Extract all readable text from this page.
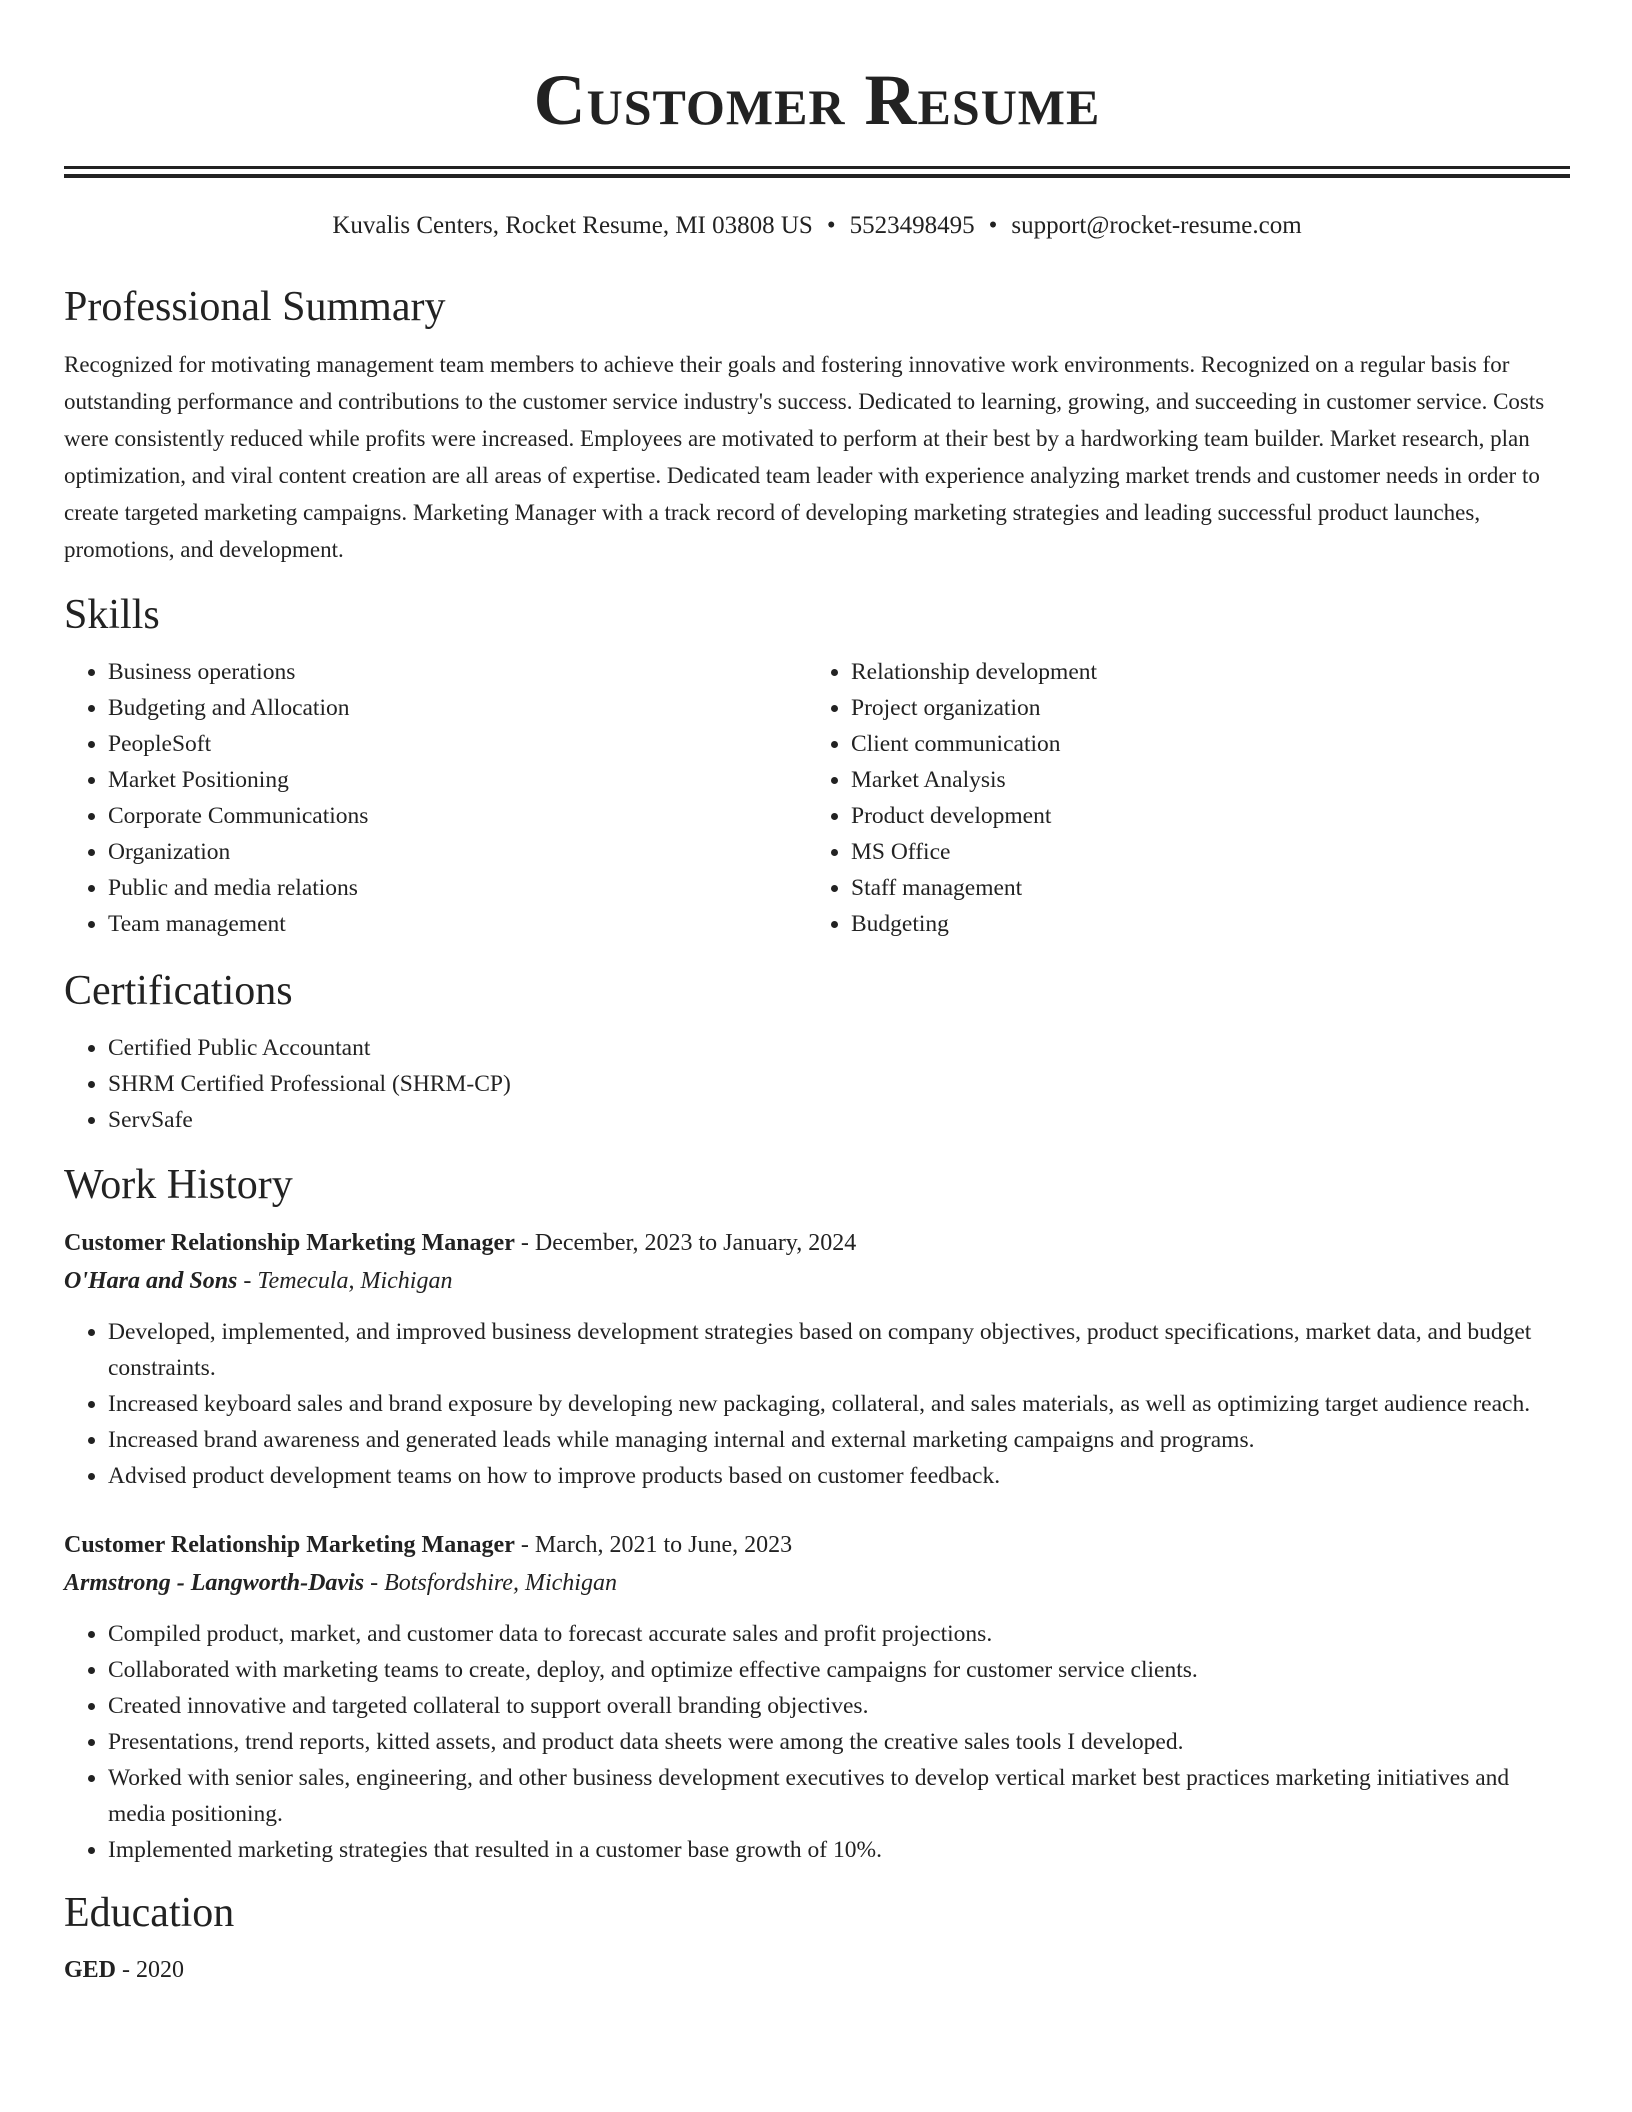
Customer Resume
Kuvalis Centers, Rocket Resume, MI 03808 US • 5523498495 • support@rocket-resume.com
Professional Summary

Recognized for motivating management team members to achieve their goals and fostering innovative work environments. Recognized on a regular basis for outstanding performance and contributions to the customer service industry's success. Dedicated to learning, growing, and succeeding in customer service. Costs were consistently reduced while profits were increased. Employees are motivated to perform at their best by a hardworking team builder. Market research, plan optimization, and viral content creation are all areas of expertise. Dedicated team leader with experience analyzing market trends and customer needs in order to create targeted marketing campaigns. Marketing Manager with a track record of developing marketing strategies and leading successful product launches, promotions, and development.

Skills
• Business operations
• Budgeting and Allocation
• PeopleSoft
• Market Positioning
• Corporate Communications
• Organization
• Public and media relations
• Team management
• Relationship development
• Project organization
• Client communication
• Market Analysis
• Product development
• MS Office
• Staff management
• Budgeting
Certifications
• Certified Public Accountant
• SHRM Certified Professional (SHRM-CP)
• ServSafe
Work History
Customer Relationship Marketing Manager - December, 2023 to January, 2024
O'Hara and Sons - Temecula, Michigan
• Developed, implemented, and improved business development strategies based on company objectives, product specifications, market data, and budget constraints.
• Increased keyboard sales and brand exposure by developing new packaging, collateral, and sales materials, as well as optimizing target audience reach.
• Increased brand awareness and generated leads while managing internal and external marketing campaigns and programs.
• Advised product development teams on how to improve products based on customer feedback.
Customer Relationship Marketing Manager - March, 2021 to June, 2023
Armstrong - Langworth-Davis - Botsfordshire, Michigan
• Compiled product, market, and customer data to forecast accurate sales and profit projections.
• Collaborated with marketing teams to create, deploy, and optimize effective campaigns for customer service clients.
• Created innovative and targeted collateral to support overall branding objectives.
• Presentations, trend reports, kitted assets, and product data sheets were among the creative sales tools I developed.
• Worked with senior sales, engineering, and other business development executives to develop vertical market best practices marketing initiatives and media positioning.
• Implemented marketing strategies that resulted in a customer base growth of 10%.
Education
GED - 2020
